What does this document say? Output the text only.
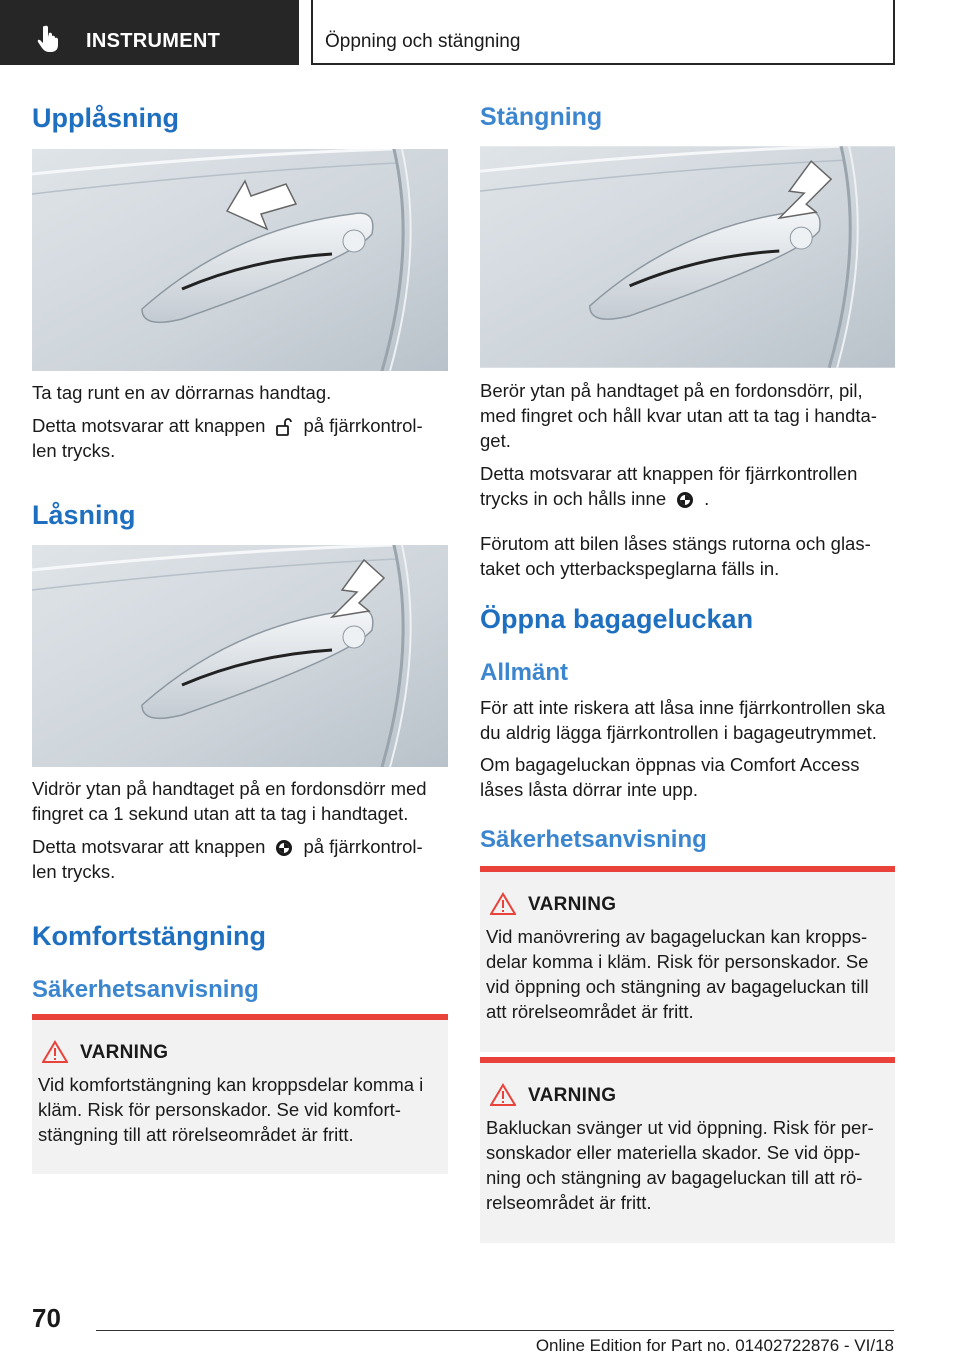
INSTRUMENT	Öppning och stängning
Upplåsning
Ta tag runt en av dörrarnas handtag.
Detta motsvarar att knappen på fjärrkontrol-
len trycks.
Låsning
Vidrör ytan på handtaget på en fordonsdörr med
fingret ca 1 sekund utan att ta tag i handtaget.
Detta motsvarar att knappen på fjärrkontrol-
len trycks.
Komfortstängning
Säkerhetsanvisning
VARNING
Vid komfortstängning kan kroppsdelar komma i
kläm. Risk för personskador. Se vid komfort-
stängning till att rörelseområdet är fritt.
Stängning
Berör ytan på handtaget på en fordonsdörr, pil,
med fingret och håll kvar utan att ta tag i handta-
get.
Detta motsvarar att knappen för fjärrkontrollen
trycks in och hålls inne .
Förutom att bilen låses stängs rutorna och glas-
taket och ytterbackspeglarna fälls in.
Öppna bagageluckan
Allmänt
För att inte riskera att låsa inne fjärrkontrollen ska
du aldrig lägga fjärrkontrollen i bagageutrymmet.
Om bagageluckan öppnas via Comfort Access
låses låsta dörrar inte upp.
Säkerhetsanvisning
VARNING
Vid manövrering av bagageluckan kan kropps-
delar komma i kläm. Risk för personskador. Se
vid öppning och stängning av bagageluckan till
att rörelseområdet är fritt.
VARNING
Bakluckan svänger ut vid öppning. Risk för per-
sonskador eller materiella skador. Se vid öpp-
ning och stängning av bagageluckan till att rö-
relseområdet är fritt.
70
Online Edition for Part no. 01402722876 - VI/18
